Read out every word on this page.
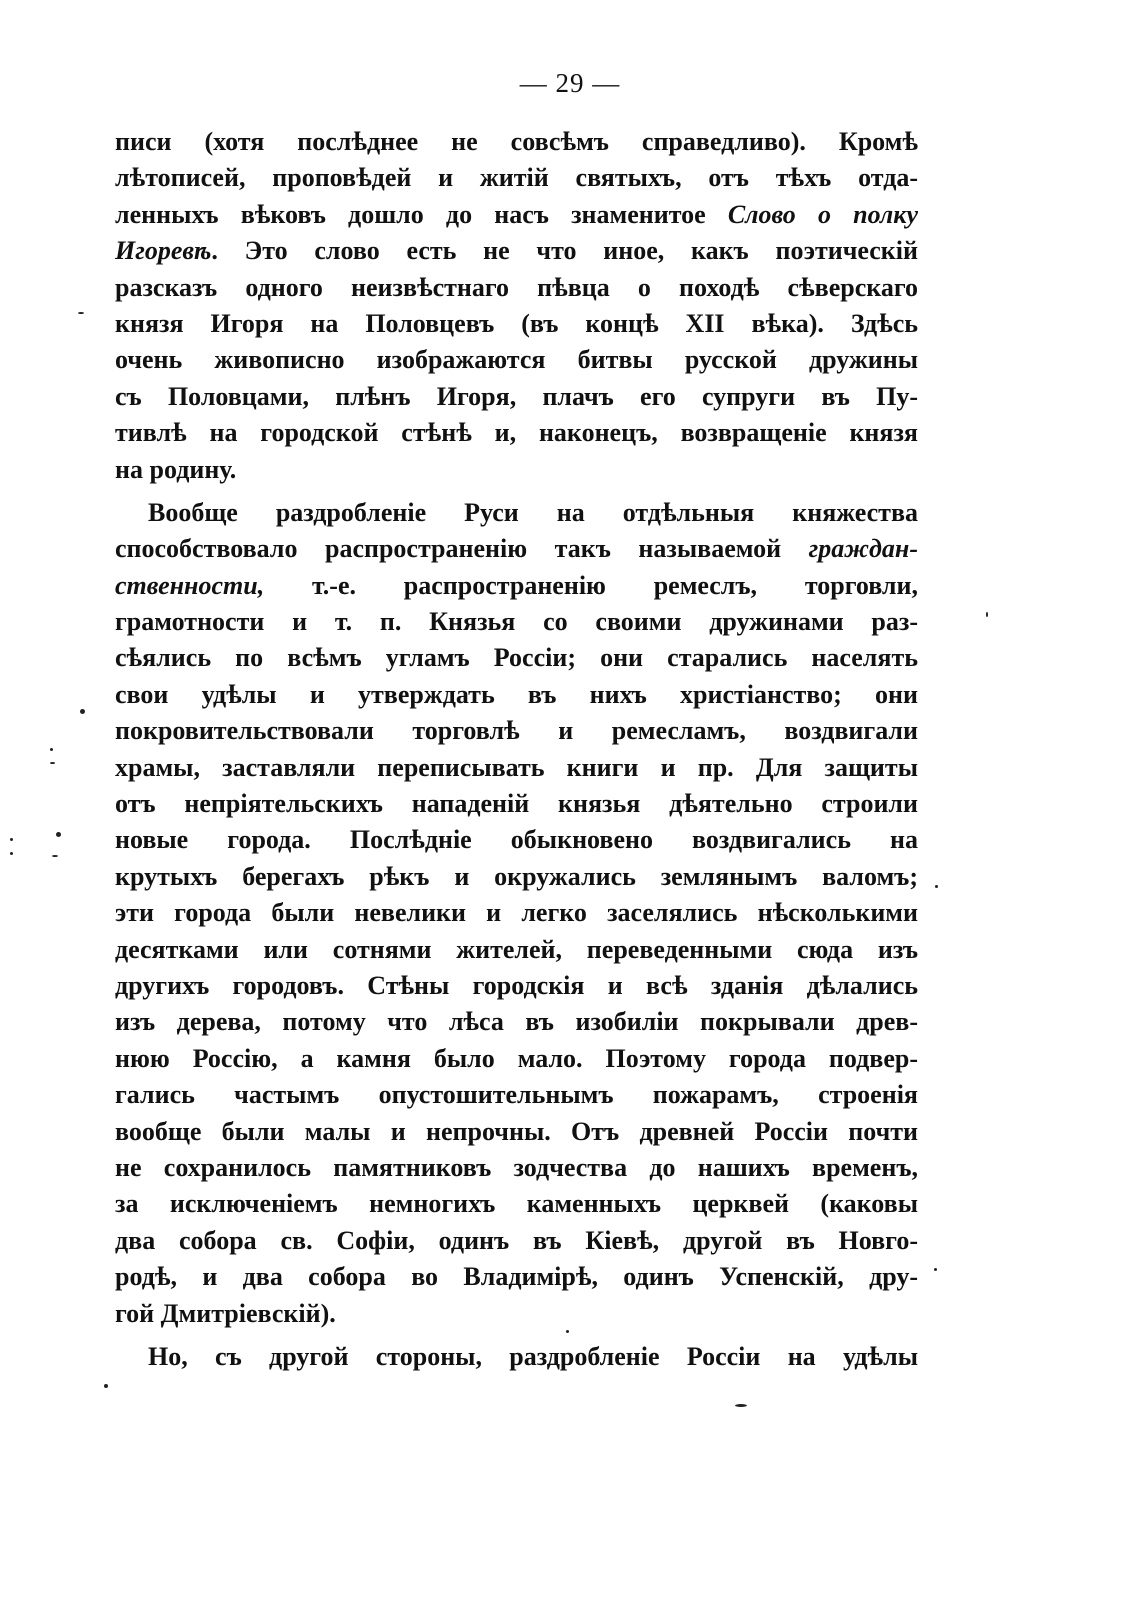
— 29 —
писи (хотя послѣднее не совсѣмъ справедливо). Кромѣ
лѣтописей, проповѣдей и житій святыхъ, отъ тѣхъ отда-
ленныхъ вѣковъ дошло до насъ знаменитое Слово о полку
Игоревѣ. Это слово есть не что иное, какъ поэтическій
разсказъ одного неизвѣстнаго пѣвца о походѣ сѣверскаго
князя Игоря на Половцевъ (въ концѣ XII вѣка). Здѣсь
очень живописно изображаются битвы русской дружины
съ Половцами, плѣнъ Игоря, плачъ его супруги въ Пу-
тивлѣ на городской стѣнѣ и, наконецъ, возвращеніе князя
на родину.
Вообще раздробленіе Руси на отдѣльныя княжества
способствовало распространенію такъ называемой граждан-
ственности, т.-е. распространенію ремеслъ, торговли,
грамотности и т. п. Князья со своими дружинами раз-
сѣялись по всѣмъ угламъ Россіи; они старались населять
свои удѣлы и утверждать въ нихъ христіанство; они
покровительствовали торговлѣ и ремесламъ, воздвигали
храмы, заставляли переписывать книги и пр. Для защиты
отъ непріятельскихъ нападеній князья дѣятельно строили
новые города. Послѣдніе обыкновено воздвигались на
крутыхъ берегахъ рѣкъ и окружались землянымъ валомъ;
эти города были невелики и легко заселялись нѣсколькими
десятками или сотнями жителей, переведенными сюда изъ
другихъ городовъ. Стѣны городскія и всѣ зданія дѣлались
изъ дерева, потому что лѣса въ изобиліи покрывали древ-
нюю Россію, а камня было мало. Поэтому города подвер-
гались частымъ опустошительнымъ пожарамъ, строенія
вообще были малы и непрочны. Отъ древней Россіи почти
не сохранилось памятниковъ зодчества до нашихъ временъ,
за исключеніемъ немногихъ каменныхъ церквей (каковы
два собора св. Софіи, одинъ въ Кіевѣ, другой въ Новго-
родѣ, и два собора во Владимірѣ, одинъ Успенскій, дру-
гой Дмитріевскій).
Но, съ другой стороны, раздробленіе Россіи на удѣлы
